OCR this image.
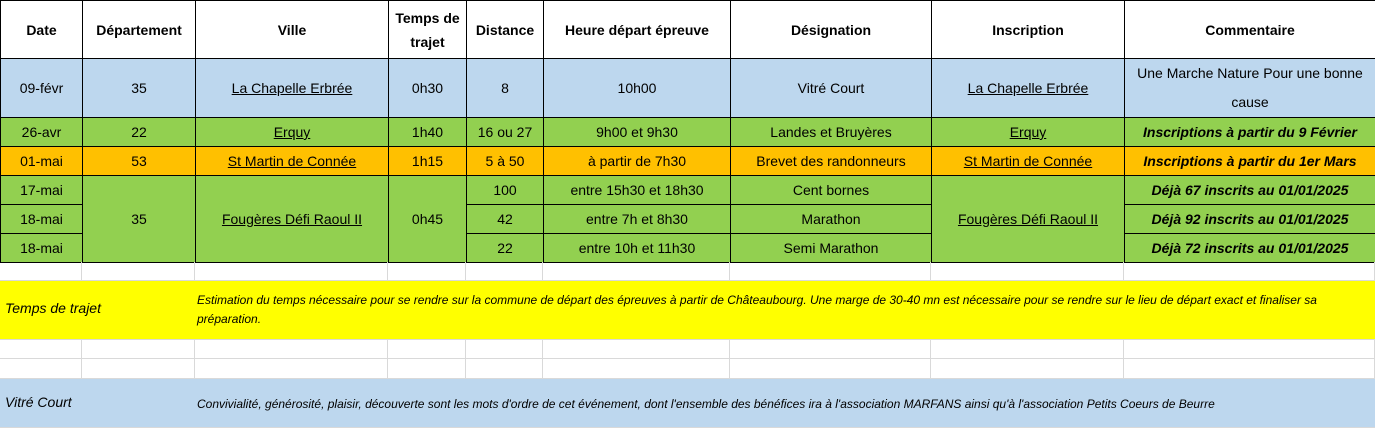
Date	Département	Ville	Temps de trajet	Distance	Heure départ épreuve	Désignation	Inscription	Commentaire
09-févr	35	La Chapelle Erbrée	0h30	8	10h00	Vitré Court	La Chapelle Erbrée	Une Marche Nature Pour une bonne cause
26-avr	22	Erquy	1h40	16 ou 27	9h00 et 9h30	Landes et Bruyères	Erquy	Inscriptions à partir du 9 Février
01-mai	53	St Martin de Connée	1h15	5 à 50	à partir de 7h30	Brevet des randonneurs	St Martin de Connée	Inscriptions à partir du 1er Mars
17-mai	35	Fougères Défi Raoul II	0h45	100	entre 15h30 et 18h30	Cent bornes	Fougères Défi Raoul II	Déjà 67 inscrits au 01/01/2025
18-mai				42	entre 7h et 8h30	Marathon		Déjà 92 inscrits au 01/01/2025
18-mai				22	entre 10h et 11h30	Semi Marathon		Déjà 72 inscrits au 01/01/2025
Temps de trajet	Estimation du temps nécessaire pour se rendre sur la commune de départ des épreuves à partir de Châteaubourg. Une marge de 30-40 mn est nécessaire pour se rendre sur le lieu de départ exact et finaliser sa préparation.
Vitré Court	Convivialité, générosité, plaisir, découverte sont les mots d'ordre de cet événement, dont l'ensemble des bénéfices ira à l'association MARFANS ainsi qu'à l'association Petits Coeurs de Beurre
